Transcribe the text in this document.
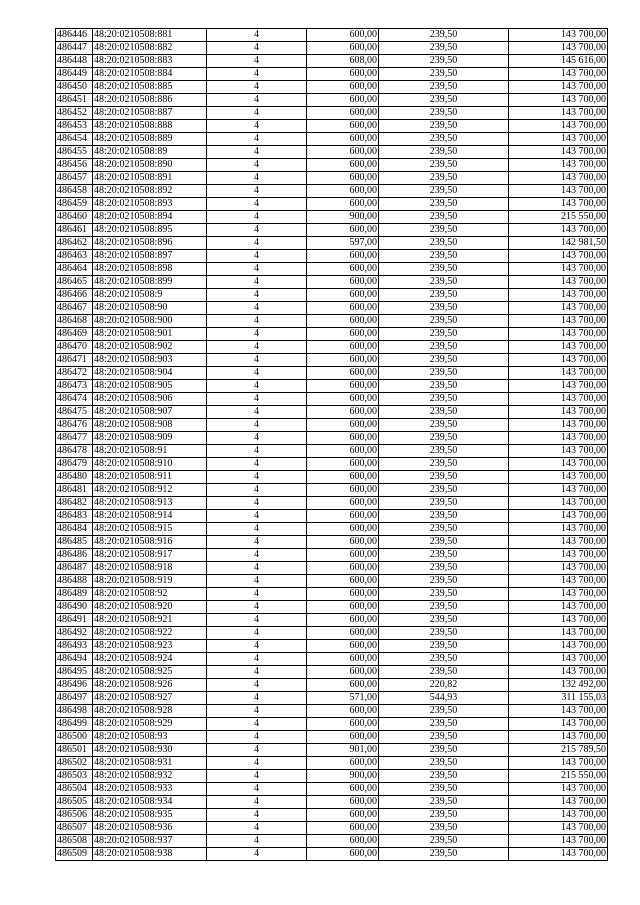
486446	48:20:0210508:881	4	600,00	239,50	143 700,00
486447	48:20:0210508:882	4	600,00	239,50	143 700,00
486448	48:20:0210508:883	4	608,00	239,50	145 616,00
486449	48:20:0210508:884	4	600,00	239,50	143 700,00
486450	48:20:0210508:885	4	600,00	239,50	143 700,00
486451	48:20:0210508:886	4	600,00	239,50	143 700,00
486452	48:20:0210508:887	4	600,00	239,50	143 700,00
486453	48:20:0210508:888	4	600,00	239,50	143 700,00
486454	48:20:0210508:889	4	600,00	239,50	143 700,00
486455	48:20:0210508:89	4	600,00	239,50	143 700,00
486456	48:20:0210508:890	4	600,00	239,50	143 700,00
486457	48:20:0210508:891	4	600,00	239,50	143 700,00
486458	48:20:0210508:892	4	600,00	239,50	143 700,00
486459	48:20:0210508:893	4	600,00	239,50	143 700,00
486460	48:20:0210508:894	4	900,00	239,50	215 550,00
486461	48:20:0210508:895	4	600,00	239,50	143 700,00
486462	48:20:0210508:896	4	597,00	239,50	142 981,50
486463	48:20:0210508:897	4	600,00	239,50	143 700,00
486464	48:20:0210508:898	4	600,00	239,50	143 700,00
486465	48:20:0210508:899	4	600,00	239,50	143 700,00
486466	48:20:0210508:9	4	600,00	239,50	143 700,00
486467	48:20:0210508:90	4	600,00	239,50	143 700,00
486468	48:20:0210508:900	4	600,00	239,50	143 700,00
486469	48:20:0210508:901	4	600,00	239,50	143 700,00
486470	48:20:0210508:902	4	600,00	239,50	143 700,00
486471	48:20:0210508:903	4	600,00	239,50	143 700,00
486472	48:20:0210508:904	4	600,00	239,50	143 700,00
486473	48:20:0210508:905	4	600,00	239,50	143 700,00
486474	48:20:0210508:906	4	600,00	239,50	143 700,00
486475	48:20:0210508:907	4	600,00	239,50	143 700,00
486476	48:20:0210508:908	4	600,00	239,50	143 700,00
486477	48:20:0210508:909	4	600,00	239,50	143 700,00
486478	48:20:0210508:91	4	600,00	239,50	143 700,00
486479	48:20:0210508:910	4	600,00	239,50	143 700,00
486480	48:20:0210508:911	4	600,00	239,50	143 700,00
486481	48:20:0210508:912	4	600,00	239,50	143 700,00
486482	48:20:0210508:913	4	600,00	239,50	143 700,00
486483	48:20:0210508:914	4	600,00	239,50	143 700,00
486484	48:20:0210508:915	4	600,00	239,50	143 700,00
486485	48:20:0210508:916	4	600,00	239,50	143 700,00
486486	48:20:0210508:917	4	600,00	239,50	143 700,00
486487	48:20:0210508:918	4	600,00	239,50	143 700,00
486488	48:20:0210508:919	4	600,00	239,50	143 700,00
486489	48:20:0210508:92	4	600,00	239,50	143 700,00
486490	48:20:0210508:920	4	600,00	239,50	143 700,00
486491	48:20:0210508:921	4	600,00	239,50	143 700,00
486492	48:20:0210508:922	4	600,00	239,50	143 700,00
486493	48:20:0210508:923	4	600,00	239,50	143 700,00
486494	48:20:0210508:924	4	600,00	239,50	143 700,00
486495	48:20:0210508:925	4	600,00	239,50	143 700,00
486496	48:20:0210508:926	4	600,00	220,82	132 492,00
486497	48:20:0210508:927	4	571,00	544,93	311 155,03
486498	48:20:0210508:928	4	600,00	239,50	143 700,00
486499	48:20:0210508:929	4	600,00	239,50	143 700,00
486500	48:20:0210508:93	4	600,00	239,50	143 700,00
486501	48:20:0210508:930	4	901,00	239,50	215 789,50
486502	48:20:0210508:931	4	600,00	239,50	143 700,00
486503	48:20:0210508:932	4	900,00	239,50	215 550,00
486504	48:20:0210508:933	4	600,00	239,50	143 700,00
486505	48:20:0210508:934	4	600,00	239,50	143 700,00
486506	48:20:0210508:935	4	600,00	239,50	143 700,00
486507	48:20:0210508:936	4	600,00	239,50	143 700,00
486508	48:20:0210508:937	4	600,00	239,50	143 700,00
486509	48:20:0210508:938	4	600,00	239,50	143 700,00
